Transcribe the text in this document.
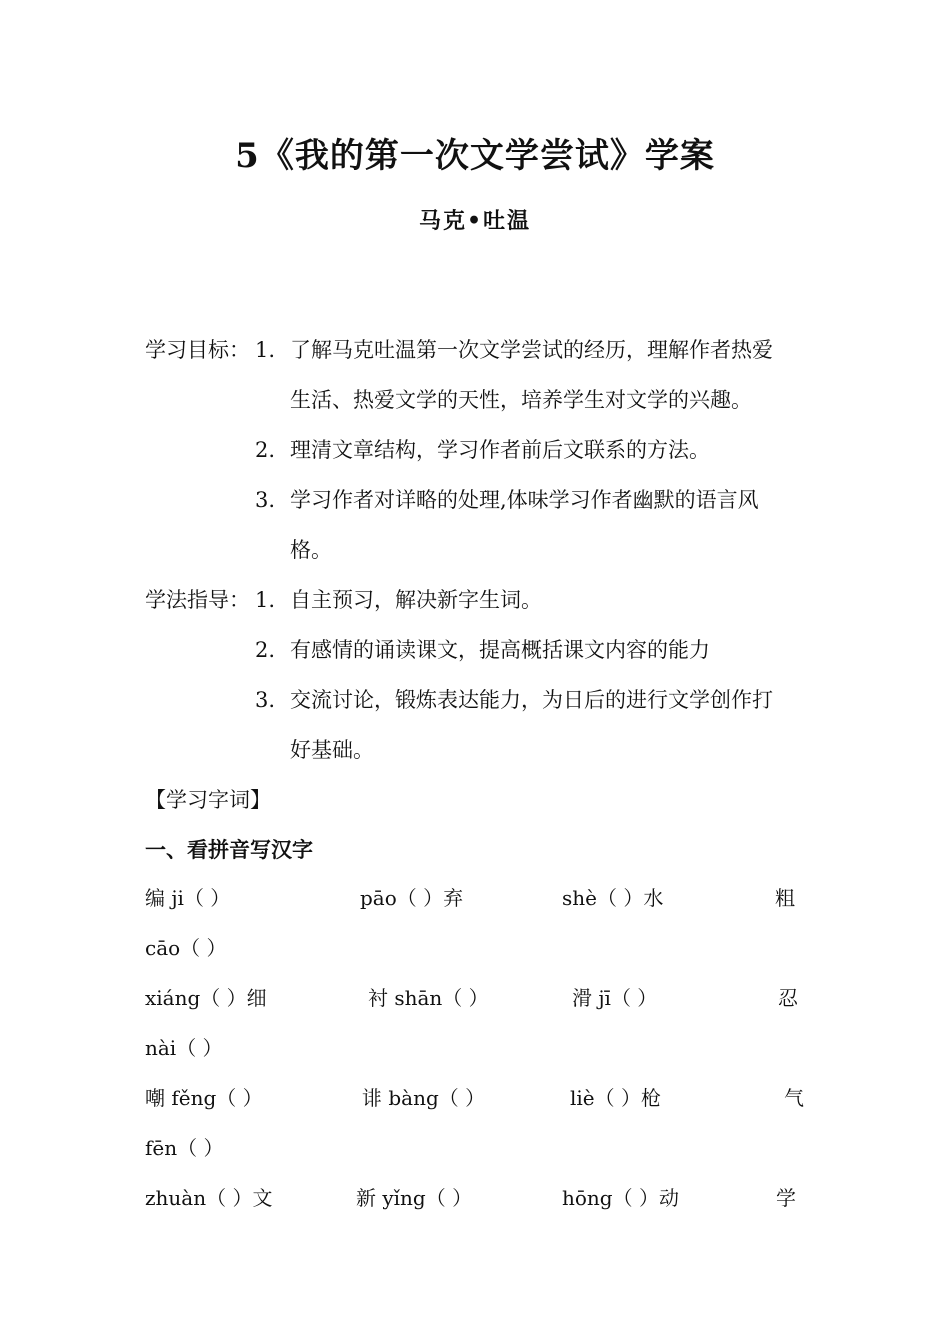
5《我的第一次文学尝试》学案
马克•吐温
学习目标： 1. 了解马克吐温第一次文学尝试的经历，理解作者热爱
生活、热爱文学的天性，培养学生对文学的兴趣。
2. 理清文章结构，学习作者前后文联系的方法。
3. 学习作者对详略的处理,体味学习作者幽默的语言风
格。
学法指导： 1. 自主预习，解决新字生词。
2. 有感情的诵读课文，提高概括课文内容的能力
3. 交流讨论，锻炼表达能力，为日后的进行文学创作打
好基础。
【学习字词】
一、看拼音写汉字
编 ji（ ）	pāo（ ）弃	shè（ ）水	粗
cāo（ ）
xiáng（ ）细	衬 shān（ ）	滑 jī（ ）	忍
nài（ ）
嘲 fěng（ ）	诽 bàng（ ）	liè（ ）枪	气
fēn（ ）
zhuàn（ ）文	新 yǐng（ ）	hōng（ ）动	学
